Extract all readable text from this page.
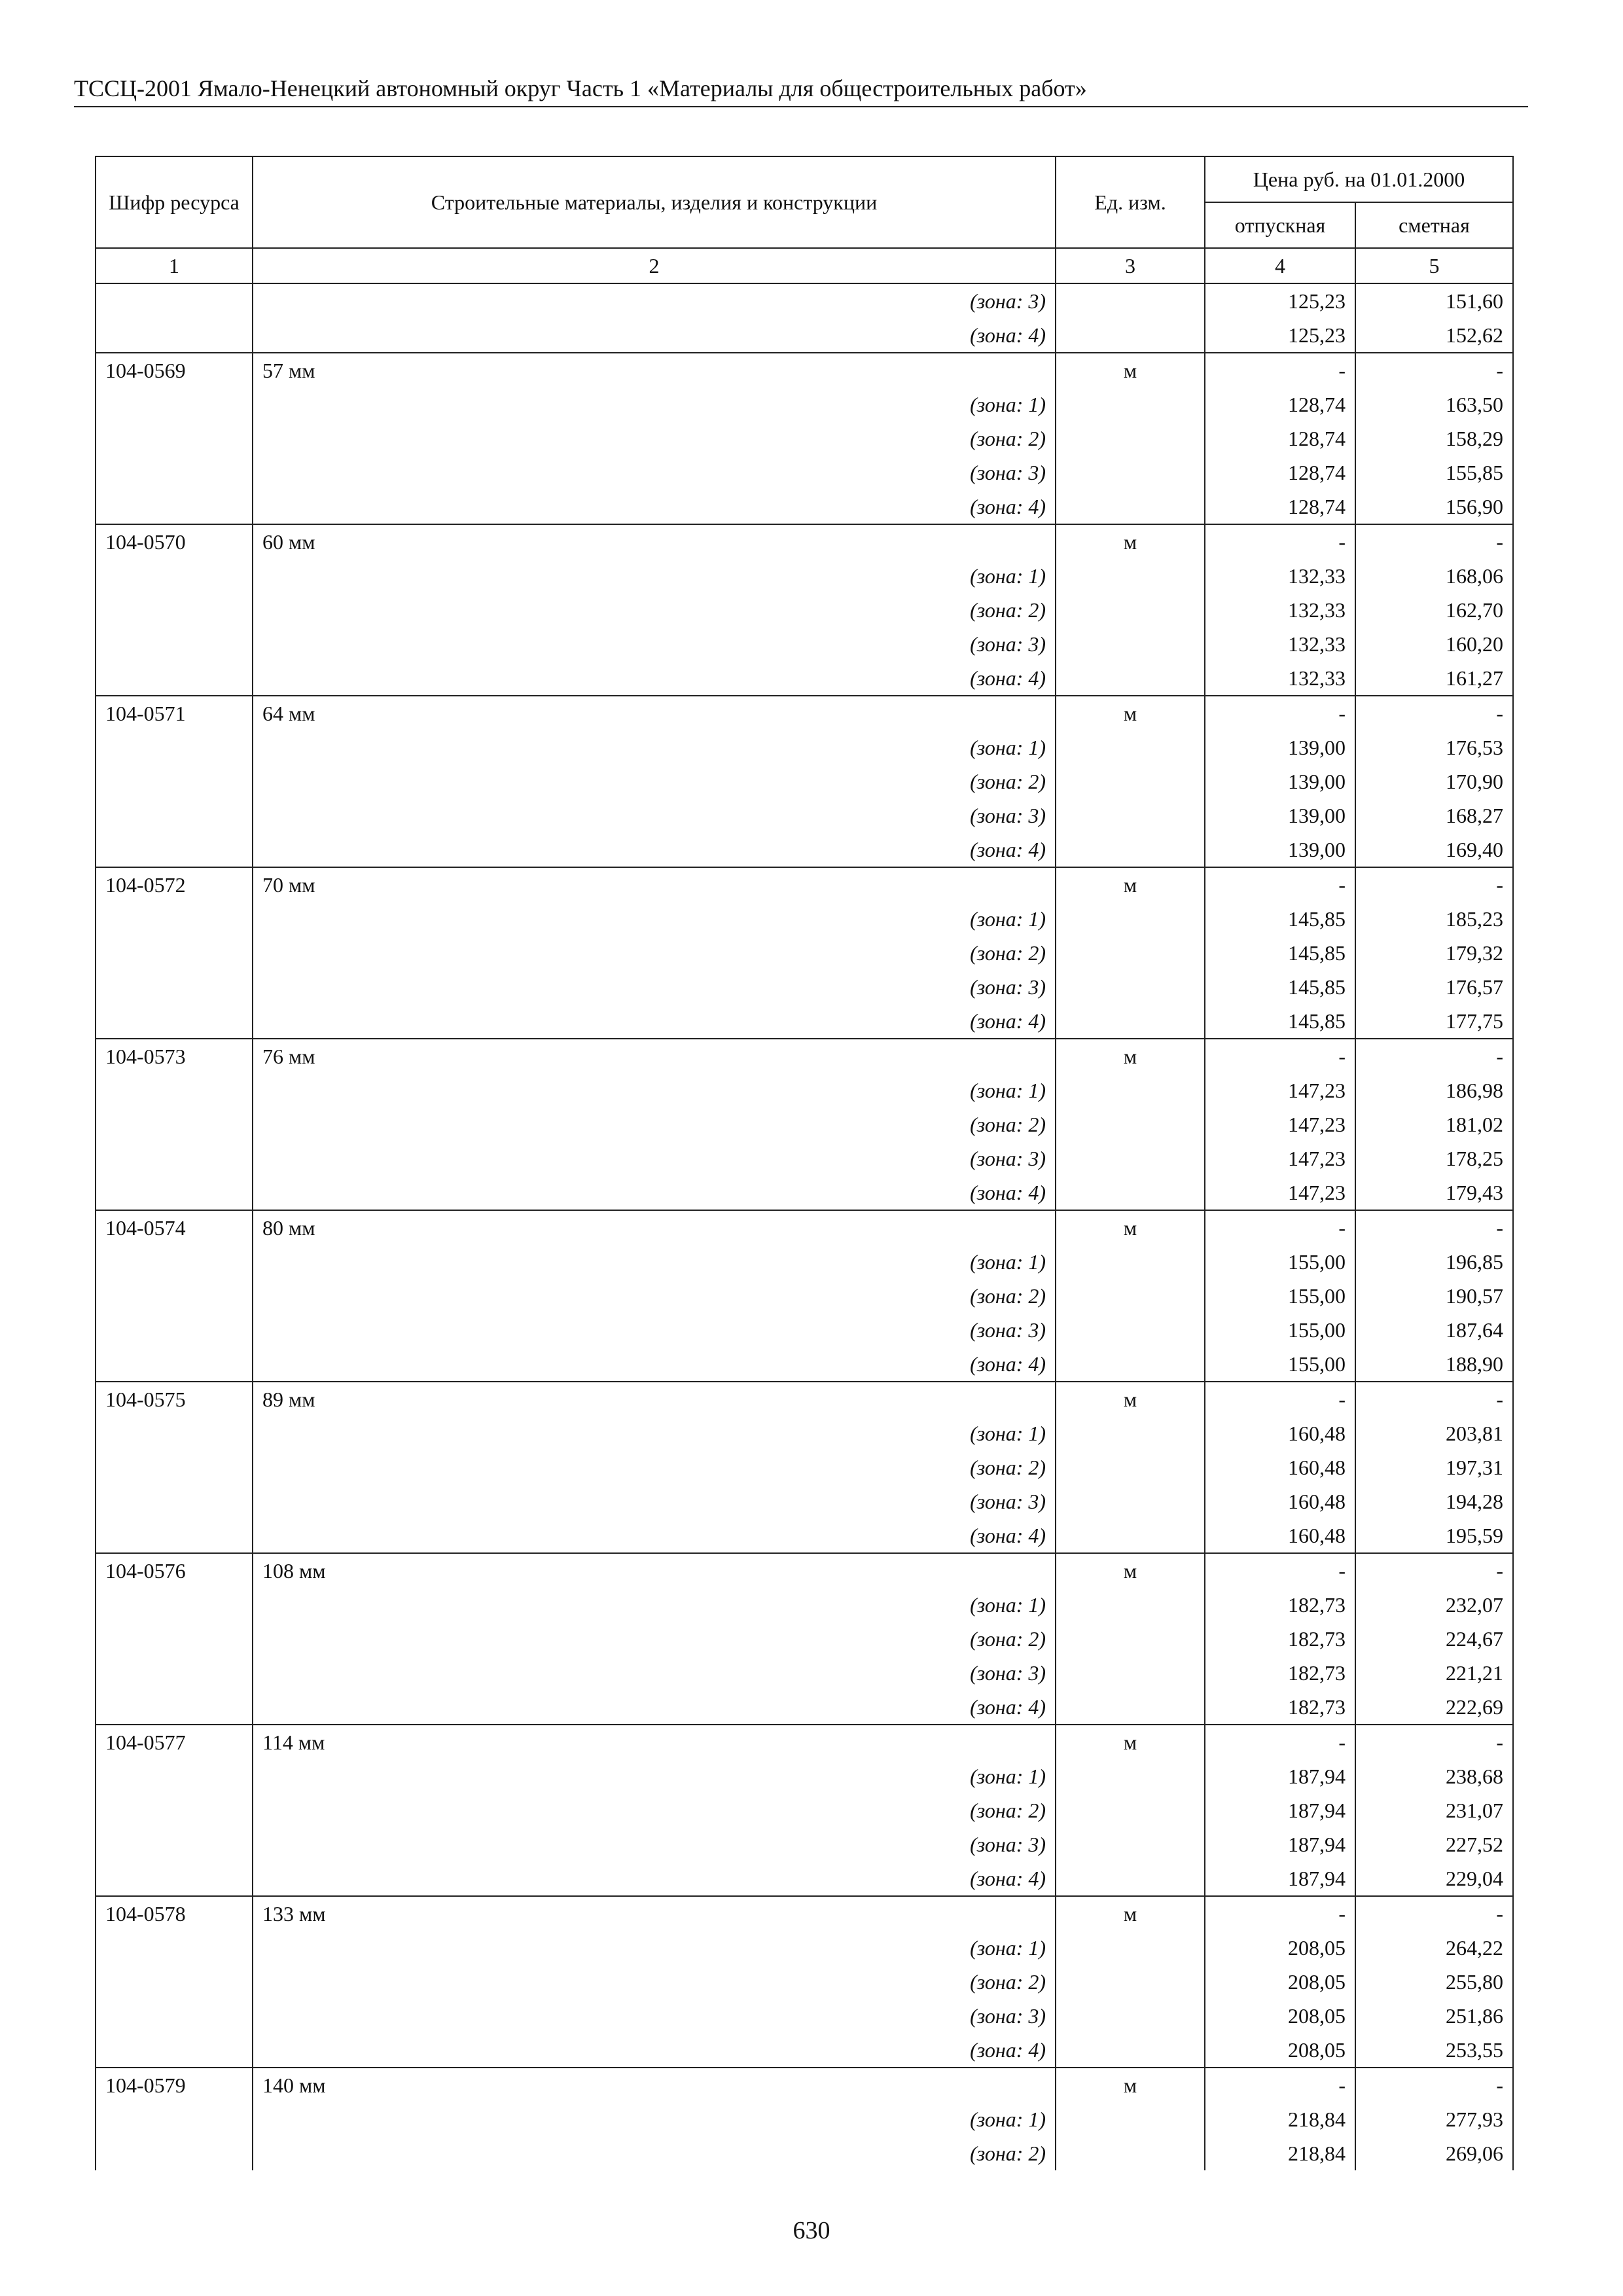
ТССЦ-2001 Ямало-Ненецкий автономный округ Часть 1 «Материалы для общестроительных работ»
Шифр ресурса	Строительные материалы, изделия и конструкции	Ед. изм.	Цена руб. на 01.01.2000	
			отпускная	сметная
1	2	3	4	5
	(зона: 3)		125,23	151,60
	(зона: 4)		125,23	152,62
104-0569	57 мм	м	-	-
	(зона: 1)		128,74	163,50
	(зона: 2)		128,74	158,29
	(зона: 3)		128,74	155,85
	(зона: 4)		128,74	156,90
104-0570	60 мм	м	-	-
	(зона: 1)		132,33	168,06
	(зона: 2)		132,33	162,70
	(зона: 3)		132,33	160,20
	(зона: 4)		132,33	161,27
104-0571	64 мм	м	-	-
	(зона: 1)		139,00	176,53
	(зона: 2)		139,00	170,90
	(зона: 3)		139,00	168,27
	(зона: 4)		139,00	169,40
104-0572	70 мм	м	-	-
	(зона: 1)		145,85	185,23
	(зона: 2)		145,85	179,32
	(зона: 3)		145,85	176,57
	(зона: 4)		145,85	177,75
104-0573	76 мм	м	-	-
	(зона: 1)		147,23	186,98
	(зона: 2)		147,23	181,02
	(зона: 3)		147,23	178,25
	(зона: 4)		147,23	179,43
104-0574	80 мм	м	-	-
	(зона: 1)		155,00	196,85
	(зона: 2)		155,00	190,57
	(зона: 3)		155,00	187,64
	(зона: 4)		155,00	188,90
104-0575	89 мм	м	-	-
	(зона: 1)		160,48	203,81
	(зона: 2)		160,48	197,31
	(зона: 3)		160,48	194,28
	(зона: 4)		160,48	195,59
104-0576	108 мм	м	-	-
	(зона: 1)		182,73	232,07
	(зона: 2)		182,73	224,67
	(зона: 3)		182,73	221,21
	(зона: 4)		182,73	222,69
104-0577	114 мм	м	-	-
	(зона: 1)		187,94	238,68
	(зона: 2)		187,94	231,07
	(зона: 3)		187,94	227,52
	(зона: 4)		187,94	229,04
104-0578	133 мм	м	-	-
	(зона: 1)		208,05	264,22
	(зона: 2)		208,05	255,80
	(зона: 3)		208,05	251,86
	(зона: 4)		208,05	253,55
104-0579	140 мм	м	-	-
	(зона: 1)		218,84	277,93
	(зона: 2)		218,84	269,06
630
